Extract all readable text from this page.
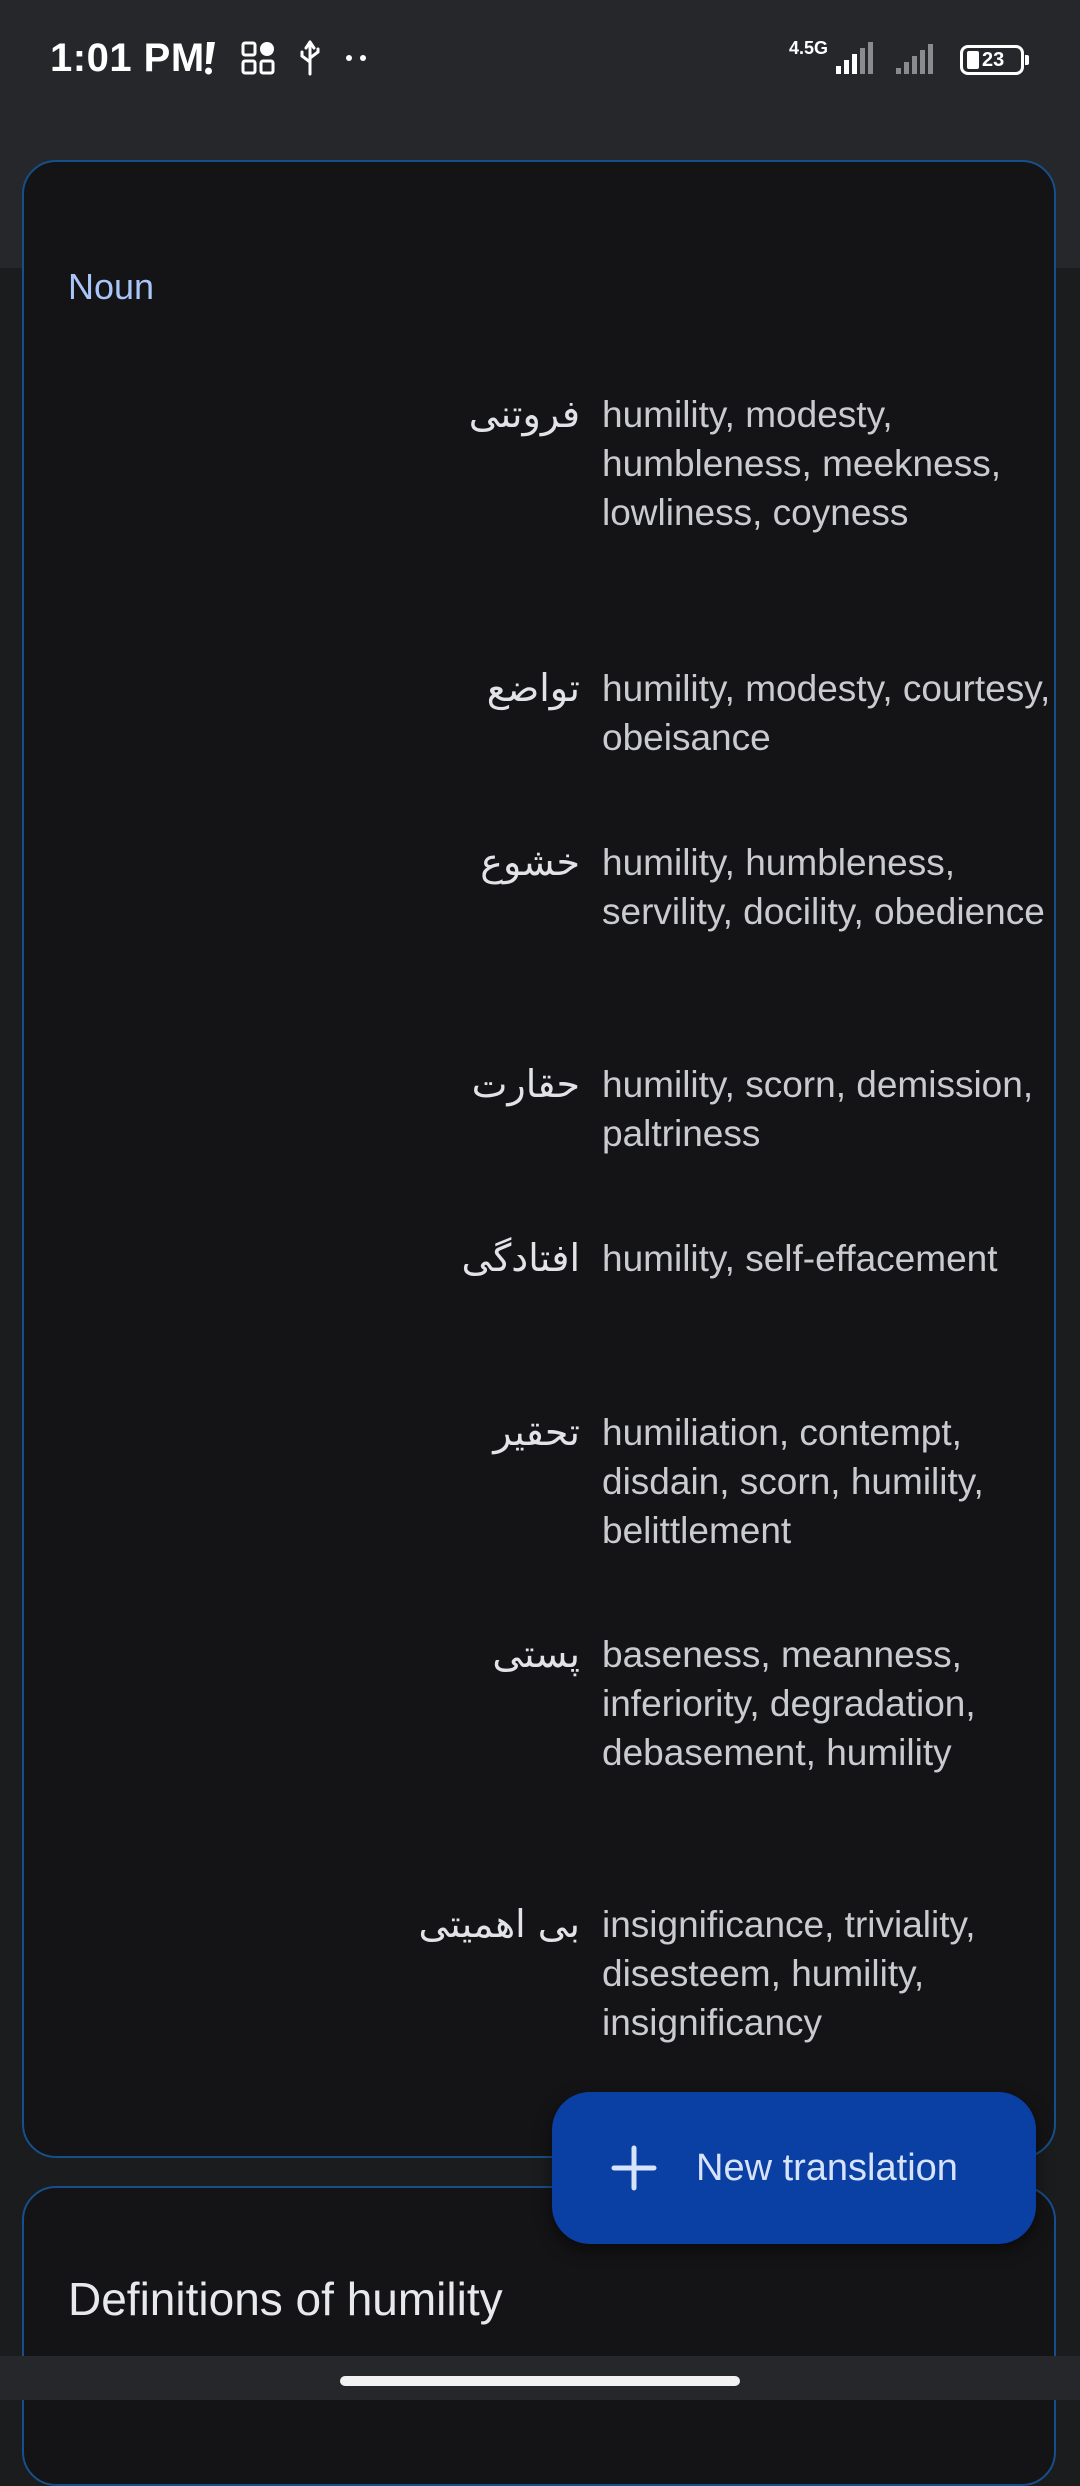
1:01 PM	4.5G
23
Noun
فروتنی humility, modesty, humbleness, meekness, lowliness, coyness
تواضع humility, modesty, courtesy, obeisance
خشوع humility, humbleness, servility, docility, obedience
حقارت humility, scorn, demission, paltriness
افتادگی humility, self-effacement
تحقیر humiliation, contempt, disdain, scorn, humility, belittlement
پستی baseness, meanness, inferiority, degradation, debasement, humility
بی اهمیتی insignificance, triviality, disesteem, humility, insignificancy
Definitions of humility
New translation
